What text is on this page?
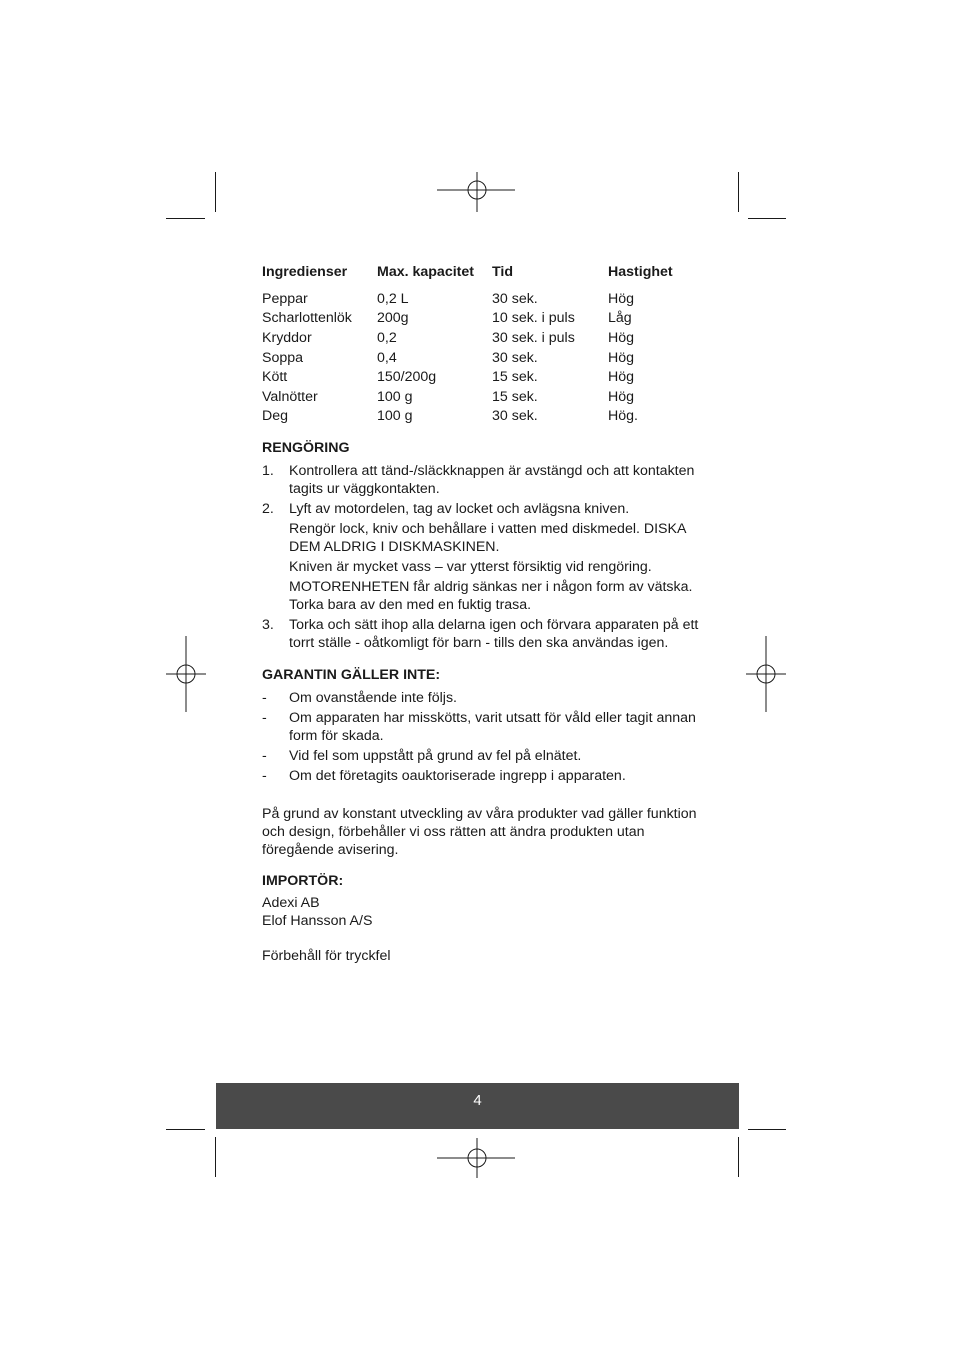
Ingredienser	Max. kapacitet	Tid	Hastighet
Peppar	0,2 L	30 sek.	Hög
Scharlottenlök	200g	10 sek. i puls	Låg
Kryddor	0,2	30 sek. i puls	Hög
Soppa	0,4	30 sek.	Hög
Kött	150/200g	15 sek.	Hög
Valnötter	100 g	15 sek.	Hög
Deg	100 g	30 sek.	Hög.
RENGÖRING
1.	Kontrollera att tänd-/släckknappen är avstängd och att kontakten tagits ur väggkontakten.
2.	Lyft av motordelen, tag av locket och avlägsna kniven.

Rengör lock, kniv och behållare i vatten med diskmedel. DISKA DEM ALDRIG I DISKMASKINEN.

Kniven är mycket vass – var ytterst försiktig vid rengöring.

MOTORENHETEN får aldrig sänkas ner i någon form av vätska. Torka bara av den med en fuktig trasa.

3.	Torka och sätt ihop alla delarna igen och förvara apparaten på ett torrt ställe - oåtkomligt för barn - tills den ska användas igen.
GARANTIN GÄLLER INTE:
-	Om ovanstående inte följs.
-	Om apparaten har misskötts, varit utsatt för våld eller tagit annan form för skada.
-	Vid fel som uppstått på grund av fel på elnätet.
-	Om det företagits oauktoriserade ingrepp i apparaten.

På grund av konstant utveckling av våra produkter vad gäller funktion och design, förbehåller vi oss rätten att ändra produkten utan föregående avisering.

IMPORTÖR:

Adexi AB

Elof Hansson A/S

Förbehåll för tryckfel

4
